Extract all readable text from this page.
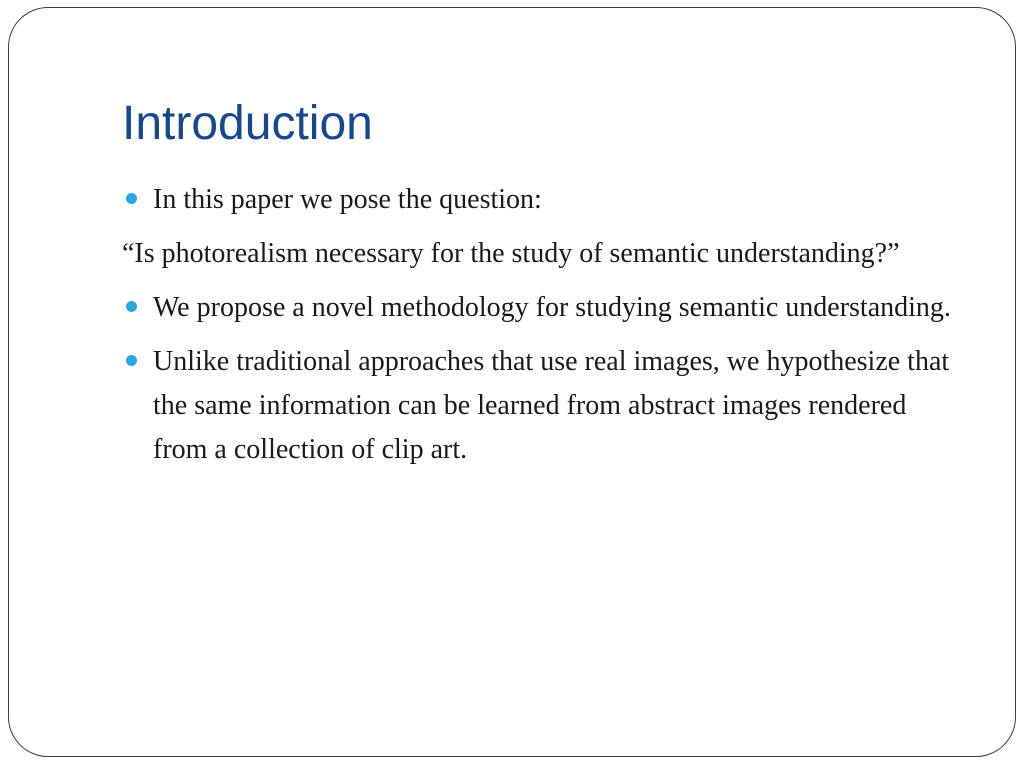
Introduction
In this paper we pose the question:
“Is photorealism necessary for the study of semantic understanding?”
We propose a novel methodology for studying semantic understanding.
Unlike traditional approaches that use real images, we hypothesize that the same information can be learned from abstract images rendered from a collection of clip art.
